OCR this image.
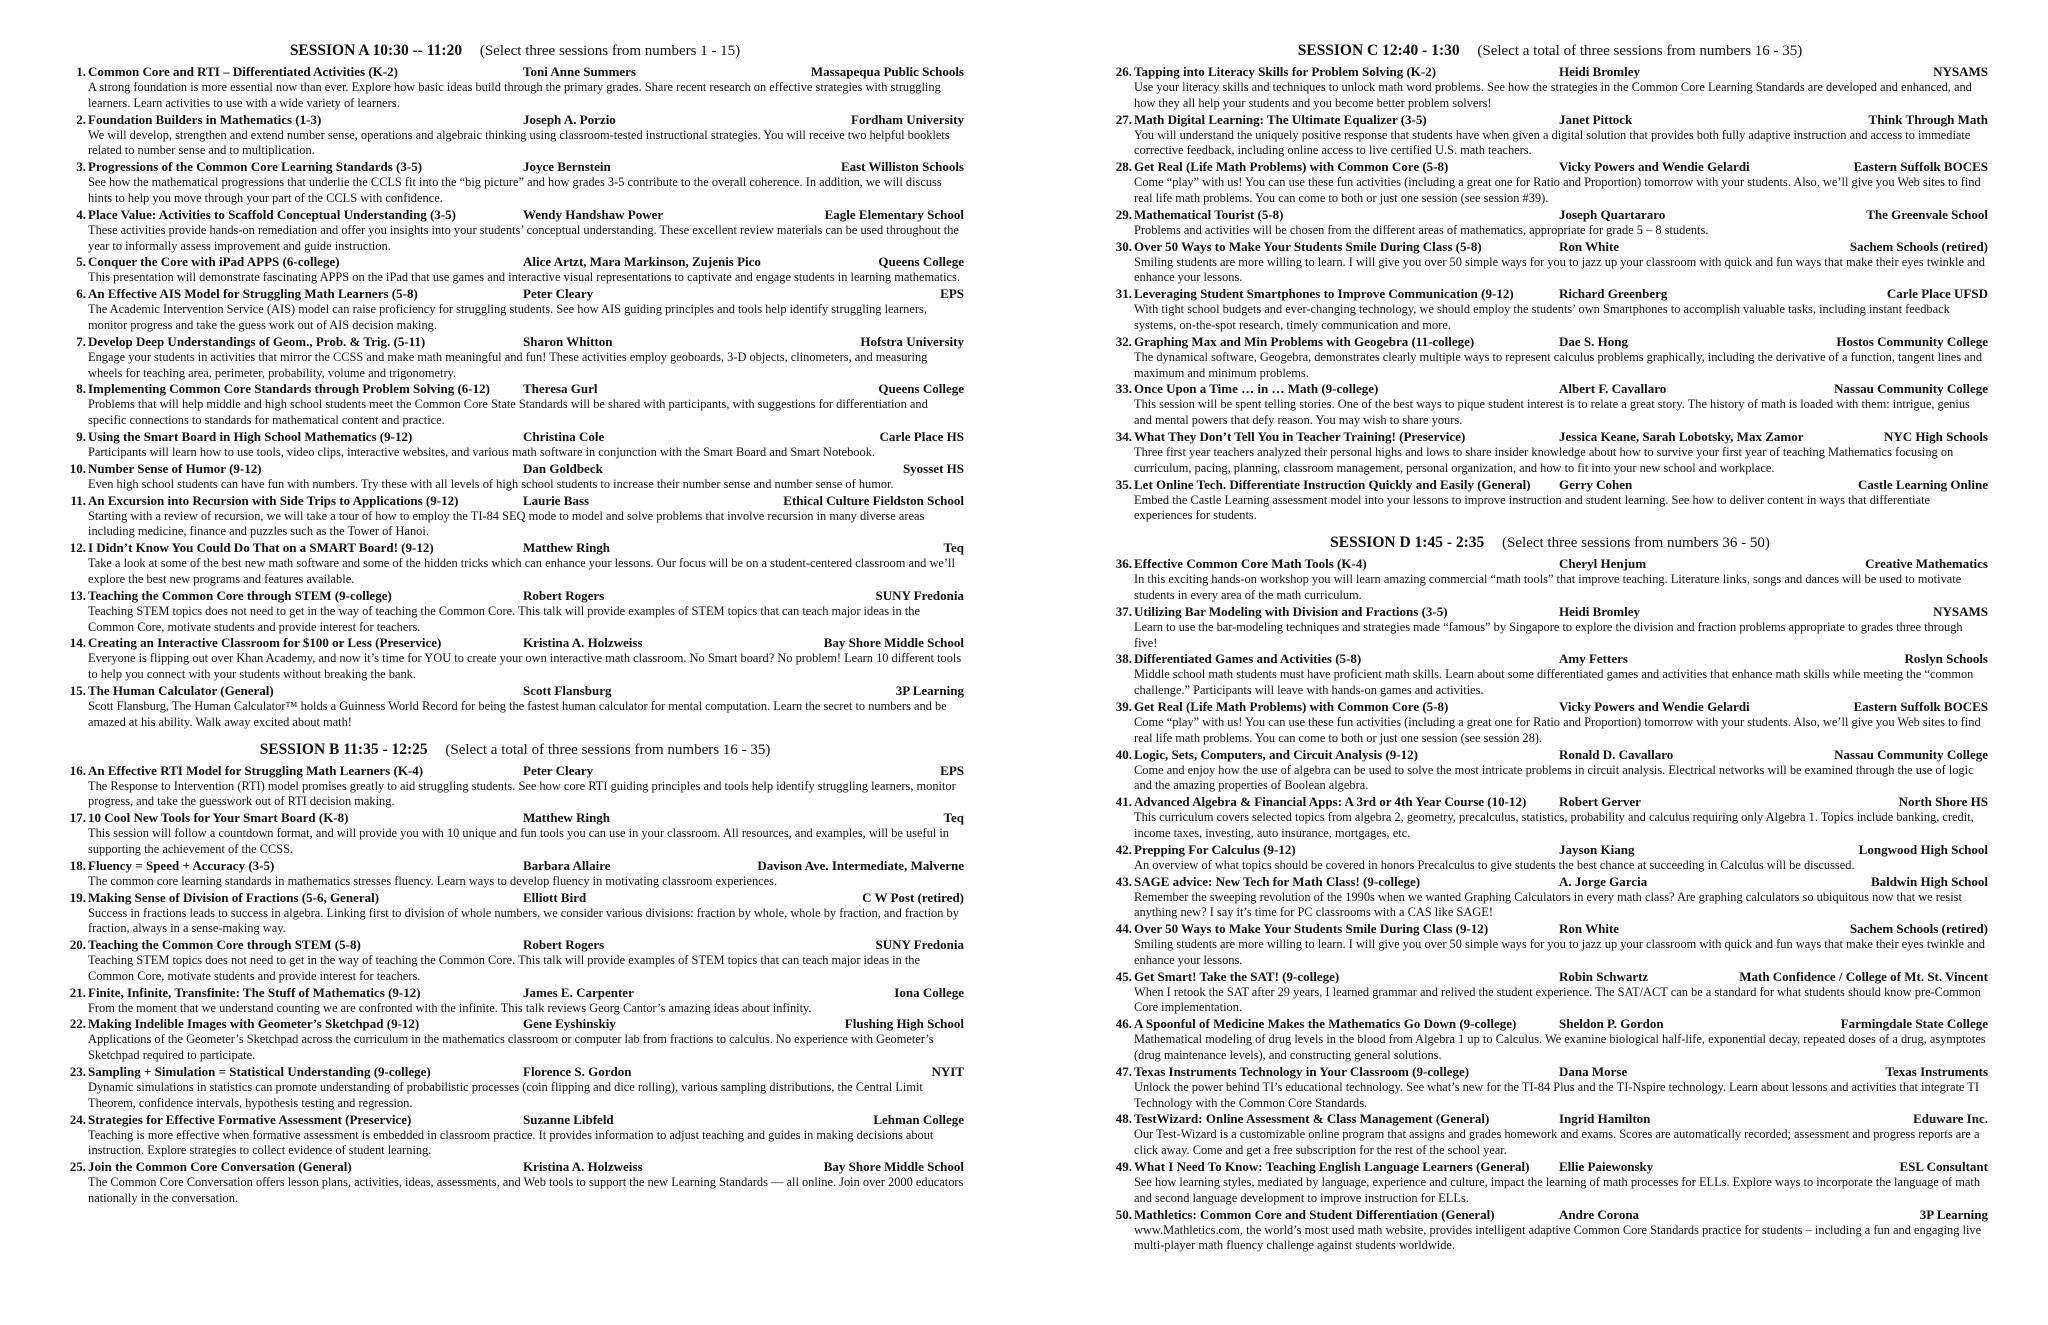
SESSION A 10:30 -- 11:20 (Select three sessions from numbers 1 - 15)
1. Common Core and RTI – Differentiated Activities (K-2)	Toni Anne Summers	Massapequa Public Schools

A strong foundation is more essential now than ever. Explore how basic ideas build through the primary grades. Share recent research on effective strategies with struggling learners. Learn activities to use with a wide variety of learners.

2. Foundation Builders in Mathematics (1-3)	Joseph A. Porzio	Fordham University

We will develop, strengthen and extend number sense, operations and algebraic thinking using classroom-tested instructional strategies. You will receive two helpful booklets related to number sense and to multiplication.

3. Progressions of the Common Core Learning Standards (3-5)	Joyce Bernstein	East Williston Schools

See how the mathematical progressions that underlie the CCLS fit into the “big picture” and how grades 3-5 contribute to the overall coherence. In addition, we will discuss hints to help you move through your part of the CCLS with confidence.

4. Place Value: Activities to Scaffold Conceptual Understanding (3-5)	Wendy Handshaw Power	Eagle Elementary School

These activities provide hands-on remediation and offer you insights into your students’ conceptual understanding. These excellent review materials can be used throughout the year to informally assess improvement and guide instruction.

5. Conquer the Core with iPad APPS (6-college)	Alice Artzt, Mara Markinson, Zujenis Pico	Queens College

This presentation will demonstrate fascinating APPS on the iPad that use games and interactive visual representations to captivate and engage students in learning mathematics.

6. An Effective AIS Model for Struggling Math Learners (5-8)	Peter Cleary	EPS

The Academic Intervention Service (AIS) model can raise proficiency for struggling students. See how AIS guiding principles and tools help identify struggling learners, monitor progress and take the guess work out of AIS decision making.

7. Develop Deep Understandings of Geom., Prob. & Trig. (5-11)	Sharon Whitton	Hofstra University

Engage your students in activities that mirror the CCSS and make math meaningful and fun! These activities employ geoboards, 3-D objects, clinometers, and measuring wheels for teaching area, perimeter, probability, volume and trigonometry.

8. Implementing Common Core Standards through Problem Solving (6-12)	Theresa Gurl	Queens College

Problems that will help middle and high school students meet the Common Core State Standards will be shared with participants, with suggestions for differentiation and specific connections to standards for mathematical content and practice.

9. Using the Smart Board in High School Mathematics (9-12)	Christina Cole	Carle Place HS

Participants will learn how to use tools, video clips, interactive websites, and various math software in conjunction with the Smart Board and Smart Notebook.

10. Number Sense of Humor (9-12)	Dan Goldbeck	Syosset HS

Even high school students can have fun with numbers. Try these with all levels of high school students to increase their number sense and number sense of humor.

11. An Excursion into Recursion with Side Trips to Applications (9-12)	Laurie Bass	Ethical Culture Fieldston School

Starting with a review of recursion, we will take a tour of how to employ the TI-84 SEQ mode to model and solve problems that involve recursion in many diverse areas including medicine, finance and puzzles such as the Tower of Hanoi.

12. I Didn’t Know You Could Do That on a SMART Board! (9-12)	Matthew Ringh	Teq

Take a look at some of the best new math software and some of the hidden tricks which can enhance your lessons. Our focus will be on a student-centered classroom and we’ll explore the best new programs and features available.

13. Teaching the Common Core through STEM (9-college)	Robert Rogers	SUNY Fredonia

Teaching STEM topics does not need to get in the way of teaching the Common Core. This talk will provide examples of STEM topics that can teach major ideas in the Common Core, motivate students and provide interest for teachers.

14. Creating an Interactive Classroom for $100 or Less (Preservice)	Kristina A. Holzweiss	Bay Shore Middle School

Everyone is flipping out over Khan Academy, and now it’s time for YOU to create your own interactive math classroom. No Smart board? No problem! Learn 10 different tools to help you connect with your students without breaking the bank.

15. The Human Calculator (General)	Scott Flansburg	3P Learning

Scott Flansburg, The Human Calculator™ holds a Guinness World Record for being the fastest human calculator for mental computation. Learn the secret to numbers and be amazed at his ability. Walk away excited about math!

SESSION B 11:35 - 12:25 (Select a total of three sessions from numbers 16 - 35)
16. An Effective RTI Model for Struggling Math Learners (K-4)	Peter Cleary	EPS

The Response to Intervention (RTI) model promises greatly to aid struggling students. See how core RTI guiding principles and tools help identify struggling learners, monitor progress, and take the guesswork out of RTI decision making.

17. 10 Cool New Tools for Your Smart Board (K-8)	Matthew Ringh	Teq

This session will follow a countdown format, and will provide you with 10 unique and fun tools you can use in your classroom. All resources, and examples, will be useful in supporting the achievement of the CCSS.

18. Fluency = Speed + Accuracy (3-5)	Barbara Allaire	Davison Ave. Intermediate, Malverne

The common core learning standards in mathematics stresses fluency. Learn ways to develop fluency in motivating classroom experiences.

19. Making Sense of Division of Fractions (5-6, General)	Elliott Bird	C W Post (retired)

Success in fractions leads to success in algebra. Linking first to division of whole numbers, we consider various divisions: fraction by whole, whole by fraction, and fraction by fraction, always in a sense-making way.

20. Teaching the Common Core through STEM (5-8)	Robert Rogers	SUNY Fredonia

Teaching STEM topics does not need to get in the way of teaching the Common Core. This talk will provide examples of STEM topics that can teach major ideas in the Common Core, motivate students and provide interest for teachers.

21. Finite, Infinite, Transfinite: The Stuff of Mathematics (9-12)	James E. Carpenter	Iona College

From the moment that we understand counting we are confronted with the infinite. This talk reviews Georg Cantor’s amazing ideas about infinity.

22. Making Indelible Images with Geometer’s Sketchpad (9-12)	Gene Eyshinskiy	Flushing High School

Applications of the Geometer’s Sketchpad across the curriculum in the mathematics classroom or computer lab from fractions to calculus. No experience with Geometer’s Sketchpad required to participate.

23. Sampling + Simulation = Statistical Understanding (9-college)	Florence S. Gordon	NYIT

Dynamic simulations in statistics can promote understanding of probabilistic processes (coin flipping and dice rolling), various sampling distributions, the Central Limit Theorem, confidence intervals, hypothesis testing and regression.

24. Strategies for Effective Formative Assessment (Preservice)	Suzanne Libfeld	Lehman College

Teaching is more effective when formative assessment is embedded in classroom practice. It provides information to adjust teaching and guides in making decisions about instruction. Explore strategies to collect evidence of student learning.

25. Join the Common Core Conversation (General)	Kristina A. Holzweiss	Bay Shore Middle School

The Common Core Conversation offers lesson plans, activities, ideas, assessments, and Web tools to support the new Learning Standards — all online. Join over 2000 educators nationally in the conversation.

SESSION C 12:40 - 1:30 (Select a total of three sessions from numbers 16 - 35)
26. Tapping into Literacy Skills for Problem Solving (K-2)	Heidi Bromley	NYSAMS

Use your literacy skills and techniques to unlock math word problems. See how the strategies in the Common Core Learning Standards are developed and enhanced, and how they all help your students and you become better problem solvers!

27. Math Digital Learning: The Ultimate Equalizer (3-5)	Janet Pittock	Think Through Math

You will understand the uniquely positive response that students have when given a digital solution that provides both fully adaptive instruction and access to immediate corrective feedback, including online access to live certified U.S. math teachers.

28. Get Real (Life Math Problems) with Common Core (5-8)	Vicky Powers and Wendie Gelardi	Eastern Suffolk BOCES

Come “play” with us! You can use these fun activities (including a great one for Ratio and Proportion) tomorrow with your students. Also, we’ll give you Web sites to find real life math problems. You can come to both or just one session (see session #39).

29. Mathematical Tourist (5-8)	Joseph Quartararo	The Greenvale School

Problems and activities will be chosen from the different areas of mathematics, appropriate for grade 5 – 8 students.

30. Over 50 Ways to Make Your Students Smile During Class (5-8)	Ron White	Sachem Schools (retired)

Smiling students are more willing to learn. I will give you over 50 simple ways for you to jazz up your classroom with quick and fun ways that make their eyes twinkle and enhance your lessons.

31. Leveraging Student Smartphones to Improve Communication (9-12)	Richard Greenberg	Carle Place UFSD

With tight school budgets and ever-changing technology, we should employ the students’ own Smartphones to accomplish valuable tasks, including instant feedback systems, on-the-spot research, timely communication and more.

32. Graphing Max and Min Problems with Geogebra (11-college)	Dae S. Hong	Hostos Community College

The dynamical software, Geogebra, demonstrates clearly multiple ways to represent calculus problems graphically, including the derivative of a function, tangent lines and maximum and minimum problems.

33. Once Upon a Time … in … Math (9-college)	Albert F. Cavallaro	Nassau Community College

This session will be spent telling stories. One of the best ways to pique student interest is to relate a great story. The history of math is loaded with them: intrigue, genius and mental powers that defy reason. You may wish to share yours.

34. What They Don’t Tell You in Teacher Training! (Preservice)	Jessica Keane, Sarah Lobotsky, Max Zamor	NYC High Schools

Three first year teachers analyzed their personal highs and lows to share insider knowledge about how to survive your first year of teaching Mathematics focusing on curriculum, pacing, planning, classroom management, personal organization, and how to fit into your new school and workplace.

35. Let Online Tech. Differentiate Instruction Quickly and Easily (General)	Gerry Cohen	Castle Learning Online

Embed the Castle Learning assessment model into your lessons to improve instruction and student learning. See how to deliver content in ways that differentiate experiences for students.

SESSION D 1:45 - 2:35 (Select three sessions from numbers 36 - 50)
36. Effective Common Core Math Tools (K-4)	Cheryl Henjum	Creative Mathematics

In this exciting hands-on workshop you will learn amazing commercial “math tools” that improve teaching. Literature links, songs and dances will be used to motivate students in every area of the math curriculum.

37. Utilizing Bar Modeling with Division and Fractions (3-5)	Heidi Bromley	NYSAMS

Learn to use the bar-modeling techniques and strategies made “famous” by Singapore to explore the division and fraction problems appropriate to grades three through five!

38. Differentiated Games and Activities (5-8)	Amy Fetters	Roslyn Schools

Middle school math students must have proficient math skills. Learn about some differentiated games and activities that enhance math skills while meeting the “common challenge.” Participants will leave with hands-on games and activities.

39. Get Real (Life Math Problems) with Common Core (5-8)	Vicky Powers and Wendie Gelardi	Eastern Suffolk BOCES

Come “play” with us! You can use these fun activities (including a great one for Ratio and Proportion) tomorrow with your students. Also, we’ll give you Web sites to find real life math problems. You can come to both or just one session (see session 28).

40. Logic, Sets, Computers, and Circuit Analysis (9-12)	Ronald D. Cavallaro	Nassau Community College

Come and enjoy how the use of algebra can be used to solve the most intricate problems in circuit analysis. Electrical networks will be examined through the use of logic and the amazing properties of Boolean algebra.

41. Advanced Algebra & Financial Apps: A 3rd or 4th Year Course (10-12)	Robert Gerver	North Shore HS

This curriculum covers selected topics from algebra 2, geometry, precalculus, statistics, probability and calculus requiring only Algebra 1. Topics include banking, credit, income taxes, investing, auto insurance, mortgages, etc.

42. Prepping For Calculus (9-12)	Jayson Kiang	Longwood High School

An overview of what topics should be covered in honors Precalculus to give students the best chance at succeeding in Calculus will be discussed.

43. SAGE advice: New Tech for Math Class! (9-college)	A. Jorge Garcia	Baldwin High School

Remember the sweeping revolution of the 1990s when we wanted Graphing Calculators in every math class? Are graphing calculators so ubiquitous now that we resist anything new? I say it’s time for PC classrooms with a CAS like SAGE!

44. Over 50 Ways to Make Your Students Smile During Class (9-12)	Ron White	Sachem Schools (retired)

Smiling students are more willing to learn. I will give you over 50 simple ways for you to jazz up your classroom with quick and fun ways that make their eyes twinkle and enhance your lessons.

45. Get Smart! Take the SAT! (9-college)	Robin Schwartz	Math Confidence / College of Mt. St. Vincent

When I retook the SAT after 29 years, I learned grammar and relived the student experience. The SAT/ACT can be a standard for what students should know pre-Common Core implementation.

46. A Spoonful of Medicine Makes the Mathematics Go Down (9-college)	Sheldon P. Gordon	Farmingdale State College

Mathematical modeling of drug levels in the blood from Algebra 1 up to Calculus. We examine biological half-life, exponential decay, repeated doses of a drug, asymptotes (drug maintenance levels), and constructing general solutions.

47. Texas Instruments Technology in Your Classroom (9-college)	Dana Morse	Texas Instruments

Unlock the power behind TI’s educational technology. See what’s new for the TI-84 Plus and the TI-Nspire technology. Learn about lessons and activities that integrate TI Technology with the Common Core Standards.

48. TestWizard: Online Assessment & Class Management (General)	Ingrid Hamilton	Eduware Inc.

Our Test-Wizard is a customizable online program that assigns and grades homework and exams. Scores are automatically recorded; assessment and progress reports are a click away. Come and get a free subscription for the rest of the school year.

49. What I Need To Know: Teaching English Language Learners (General)	Ellie Paiewonsky	ESL Consultant

See how learning styles, mediated by language, experience and culture, impact the learning of math processes for ELLs. Explore ways to incorporate the language of math and second language development to improve instruction for ELLs.

50. Mathletics: Common Core and Student Differentiation (General)	Andre Corona	3P Learning

www.Mathletics.com, the world’s most used math website, provides intelligent adaptive Common Core Standards practice for students – including a fun and engaging live multi-player math fluency challenge against students worldwide.
